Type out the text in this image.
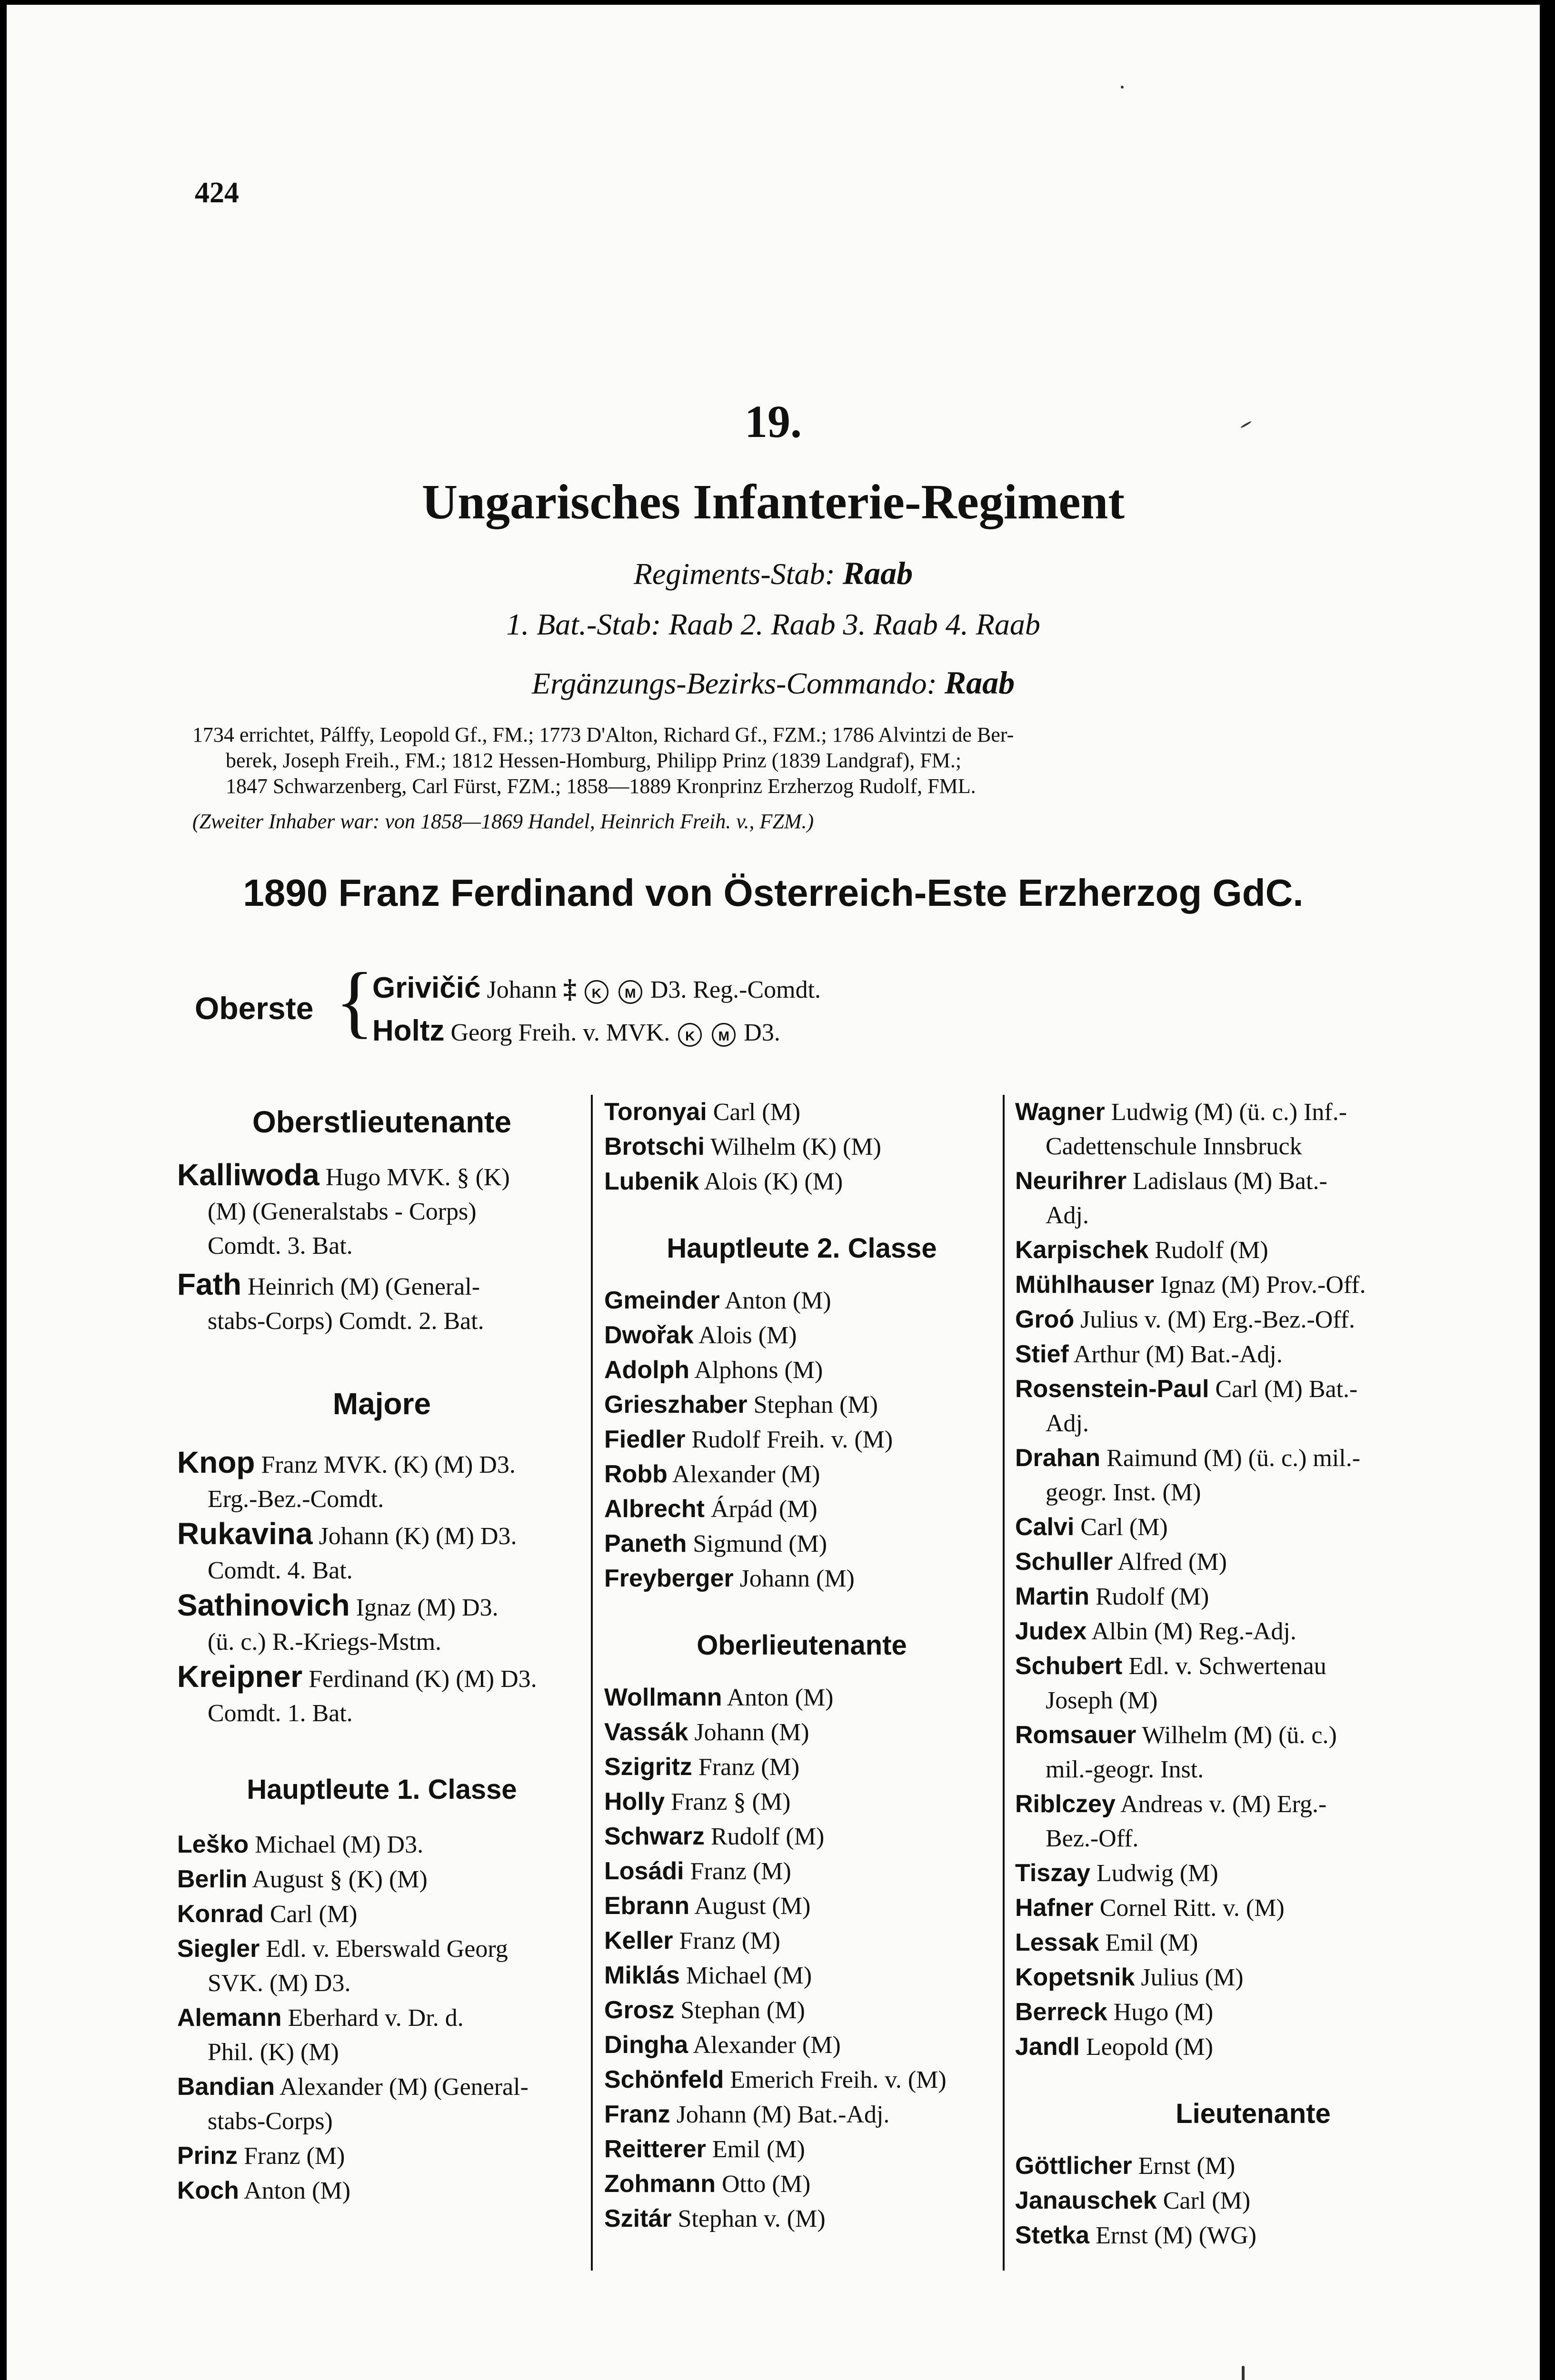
424
19.
Ungarisches Infanterie-Regiment
Regiments-Stab: Raab
1. Bat.-Stab: Raab 2. Raab 3. Raab 4. Raab
Ergänzungs-Bezirks-Commando: Raab
1734 errichtet, Pálffy, Leopold Gf., FM.; 1773 D'Alton, Richard Gf., FZM.; 1786 Alvintzi de Ber-
berek, Joseph Freih., FM.; 1812 Hessen-Homburg, Philipp Prinz (1839 Landgraf), FM.;
1847 Schwarzenberg, Carl Fürst, FZM.; 1858—1889 Kronprinz Erzherzog Rudolf, FML.
(Zweiter Inhaber war: von 1858—1869 Handel, Heinrich Freih. v., FZM.)
1890 Franz Ferdinand von Österreich-Este Erzherzog GdC.
Oberste {
Grivičić Johann ‡ K M D3. Reg.-Comdt.
Holtz Georg Freih. v. MVK. K M D3.
Oberstlieutenante
Kalliwoda Hugo MVK. § (K)
(M) (Generalstabs - Corps)
Comdt. 3. Bat.
Fath Heinrich (M) (General-
stabs-Corps) Comdt. 2. Bat.
Majore
Knop Franz MVK. (K) (M) D3.
Erg.-Bez.-Comdt.
Rukavina Johann (K) (M) D3.
Comdt. 4. Bat.
Sathinovich Ignaz (M) D3.
(ü. c.) R.-Kriegs-Mstm.
Kreipner Ferdinand (K) (M) D3.
Comdt. 1. Bat.
Hauptleute 1. Classe
Leško Michael (M) D3.
Berlin August § (K) (M)
Konrad Carl (M)
Siegler Edl. v. Eberswald Georg
SVK. (M) D3.
Alemann Eberhard v. Dr. d.
Phil. (K) (M)
Bandian Alexander (M) (General-
stabs-Corps)
Prinz Franz (M)
Koch Anton (M)
Toronyai Carl (M)
Brotschi Wilhelm (K) (M)
Lubenik Alois (K) (M)
Hauptleute 2. Classe
Gmeinder Anton (M)
Dwořak Alois (M)
Adolph Alphons (M)
Grieszhaber Stephan (M)
Fiedler Rudolf Freih. v. (M)
Robb Alexander (M)
Albrecht Árpád (M)
Paneth Sigmund (M)
Freyberger Johann (M)
Oberlieutenante
Wollmann Anton (M)
Vassák Johann (M)
Szigritz Franz (M)
Holly Franz § (M)
Schwarz Rudolf (M)
Losádi Franz (M)
Ebrann August (M)
Keller Franz (M)
Miklás Michael (M)
Grosz Stephan (M)
Dingha Alexander (M)
Schönfeld Emerich Freih. v. (M)
Franz Johann (M) Bat.-Adj.
Reitterer Emil (M)
Zohmann Otto (M)
Szitár Stephan v. (M)
Wagner Ludwig (M) (ü. c.) Inf.-
Cadettenschule Innsbruck
Neurihrer Ladislaus (M) Bat.-
Adj.
Karpischek Rudolf (M)
Mühlhauser Ignaz (M) Prov.-Off.
Groó Julius v. (M) Erg.-Bez.-Off.
Stief Arthur (M) Bat.-Adj.
Rosenstein-Paul Carl (M) Bat.-
Adj.
Drahan Raimund (M) (ü. c.) mil.-
geogr. Inst. (M)
Calvi Carl (M)
Schuller Alfred (M)
Martin Rudolf (M)
Judex Albin (M) Reg.-Adj.
Schubert Edl. v. Schwertenau
Joseph (M)
Romsauer Wilhelm (M) (ü. c.)
mil.-geogr. Inst.
Riblczey Andreas v. (M) Erg.-
Bez.-Off.
Tiszay Ludwig (M)
Hafner Cornel Ritt. v. (M)
Lessak Emil (M)
Kopetsnik Julius (M)
Berreck Hugo (M)
Jandl Leopold (M)
Lieutenante
Göttlicher Ernst (M)
Janauschek Carl (M)
Stetka Ernst (M) (WG)
